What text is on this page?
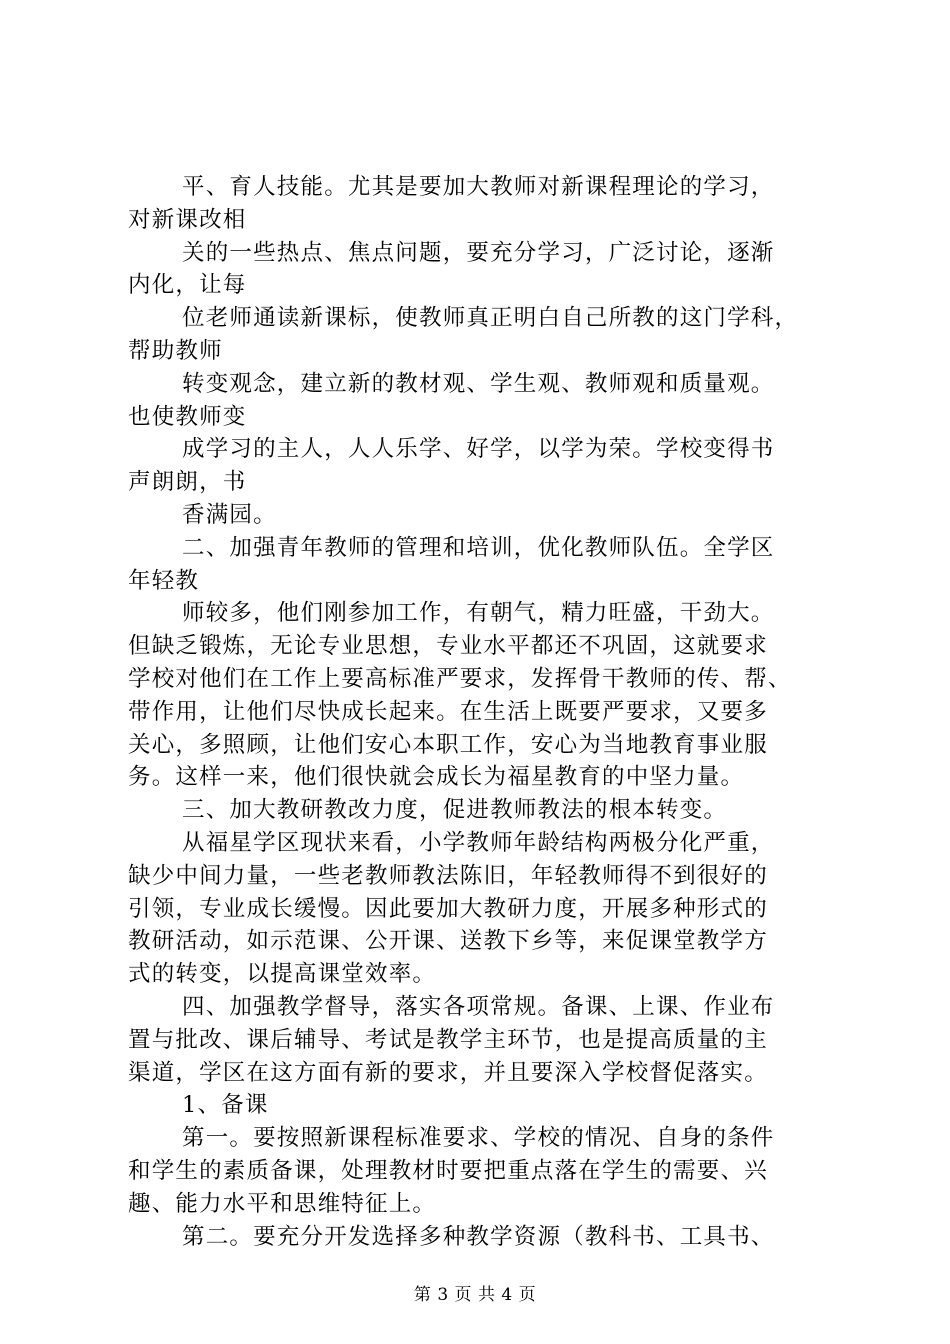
平、育人技能。尤其是要加大教师对新课程理论的学习，
对新课改相
关的一些热点、焦点问题，要充分学习，广泛讨论，逐渐
内化，让每
位老师通读新课标，使教师真正明白自己所教的这门学科，
帮助教师
转变观念，建立新的教材观、学生观、教师观和质量观。
也使教师变
成学习的主人，人人乐学、好学，以学为荣。学校变得书
声朗朗，书
香满园。
二、加强青年教师的管理和培训，优化教师队伍。全学区
年轻教
师较多，他们刚参加工作，有朝气，精力旺盛，干劲大。
但缺乏锻炼，无论专业思想，专业水平都还不巩固，这就要求
学校对他们在工作上要高标准严要求，发挥骨干教师的传、帮、
带作用，让他们尽快成长起来。在生活上既要严要求，又要多
关心，多照顾，让他们安心本职工作，安心为当地教育事业服
务。这样一来，他们很快就会成长为福星教育的中坚力量。
三、加大教研教改力度，促进教师教法的根本转变。
从福星学区现状来看，小学教师年龄结构两极分化严重，
缺少中间力量，一些老教师教法陈旧，年轻教师得不到很好的
引领，专业成长缓慢。因此要加大教研力度，开展多种形式的
教研活动，如示范课、公开课、送教下乡等，来促课堂教学方
式的转变，以提高课堂效率。
四、加强教学督导，落实各项常规。备课、上课、作业布
置与批改、课后辅导、考试是教学主环节，也是提高质量的主
渠道，学区在这方面有新的要求，并且要深入学校督促落实。
1、备课
第一。要按照新课程标准要求、学校的情况、自身的条件
和学生的素质备课，处理教材时要把重点落在学生的需要、兴
趣、能力水平和思维特征上。
第二。要充分开发选择多种教学资源（教科书、工具书、
第 3 页 共 4 页
